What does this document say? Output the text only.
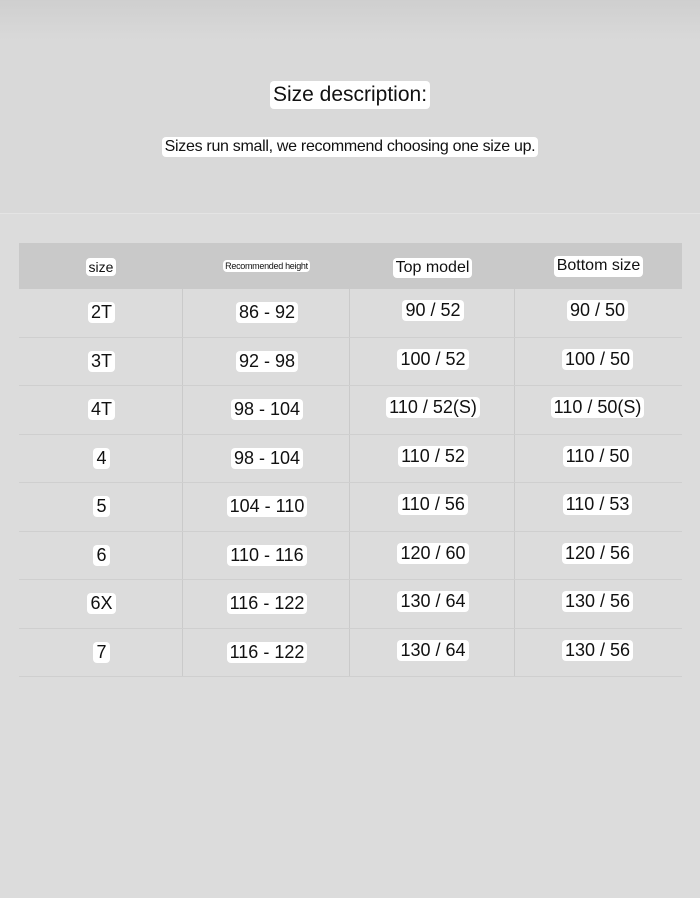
Size description:
Sizes run small, we recommend choosing one size up.
size	Recommended height	Top model	Bottom size
2T	86 - 92	90 / 52	90 / 50
3T	92 - 98	100 / 52	100 / 50
4T	98 - 104	110 / 52(S)	110 / 50(S)
4	98 - 104	110 / 52	110 / 50
5	104 - 110	110 / 56	110 / 53
6	110 - 116	120 / 60	120 / 56
6X	116 - 122	130 / 64	130 / 56
7	116 - 122	130 / 64	130 / 56
